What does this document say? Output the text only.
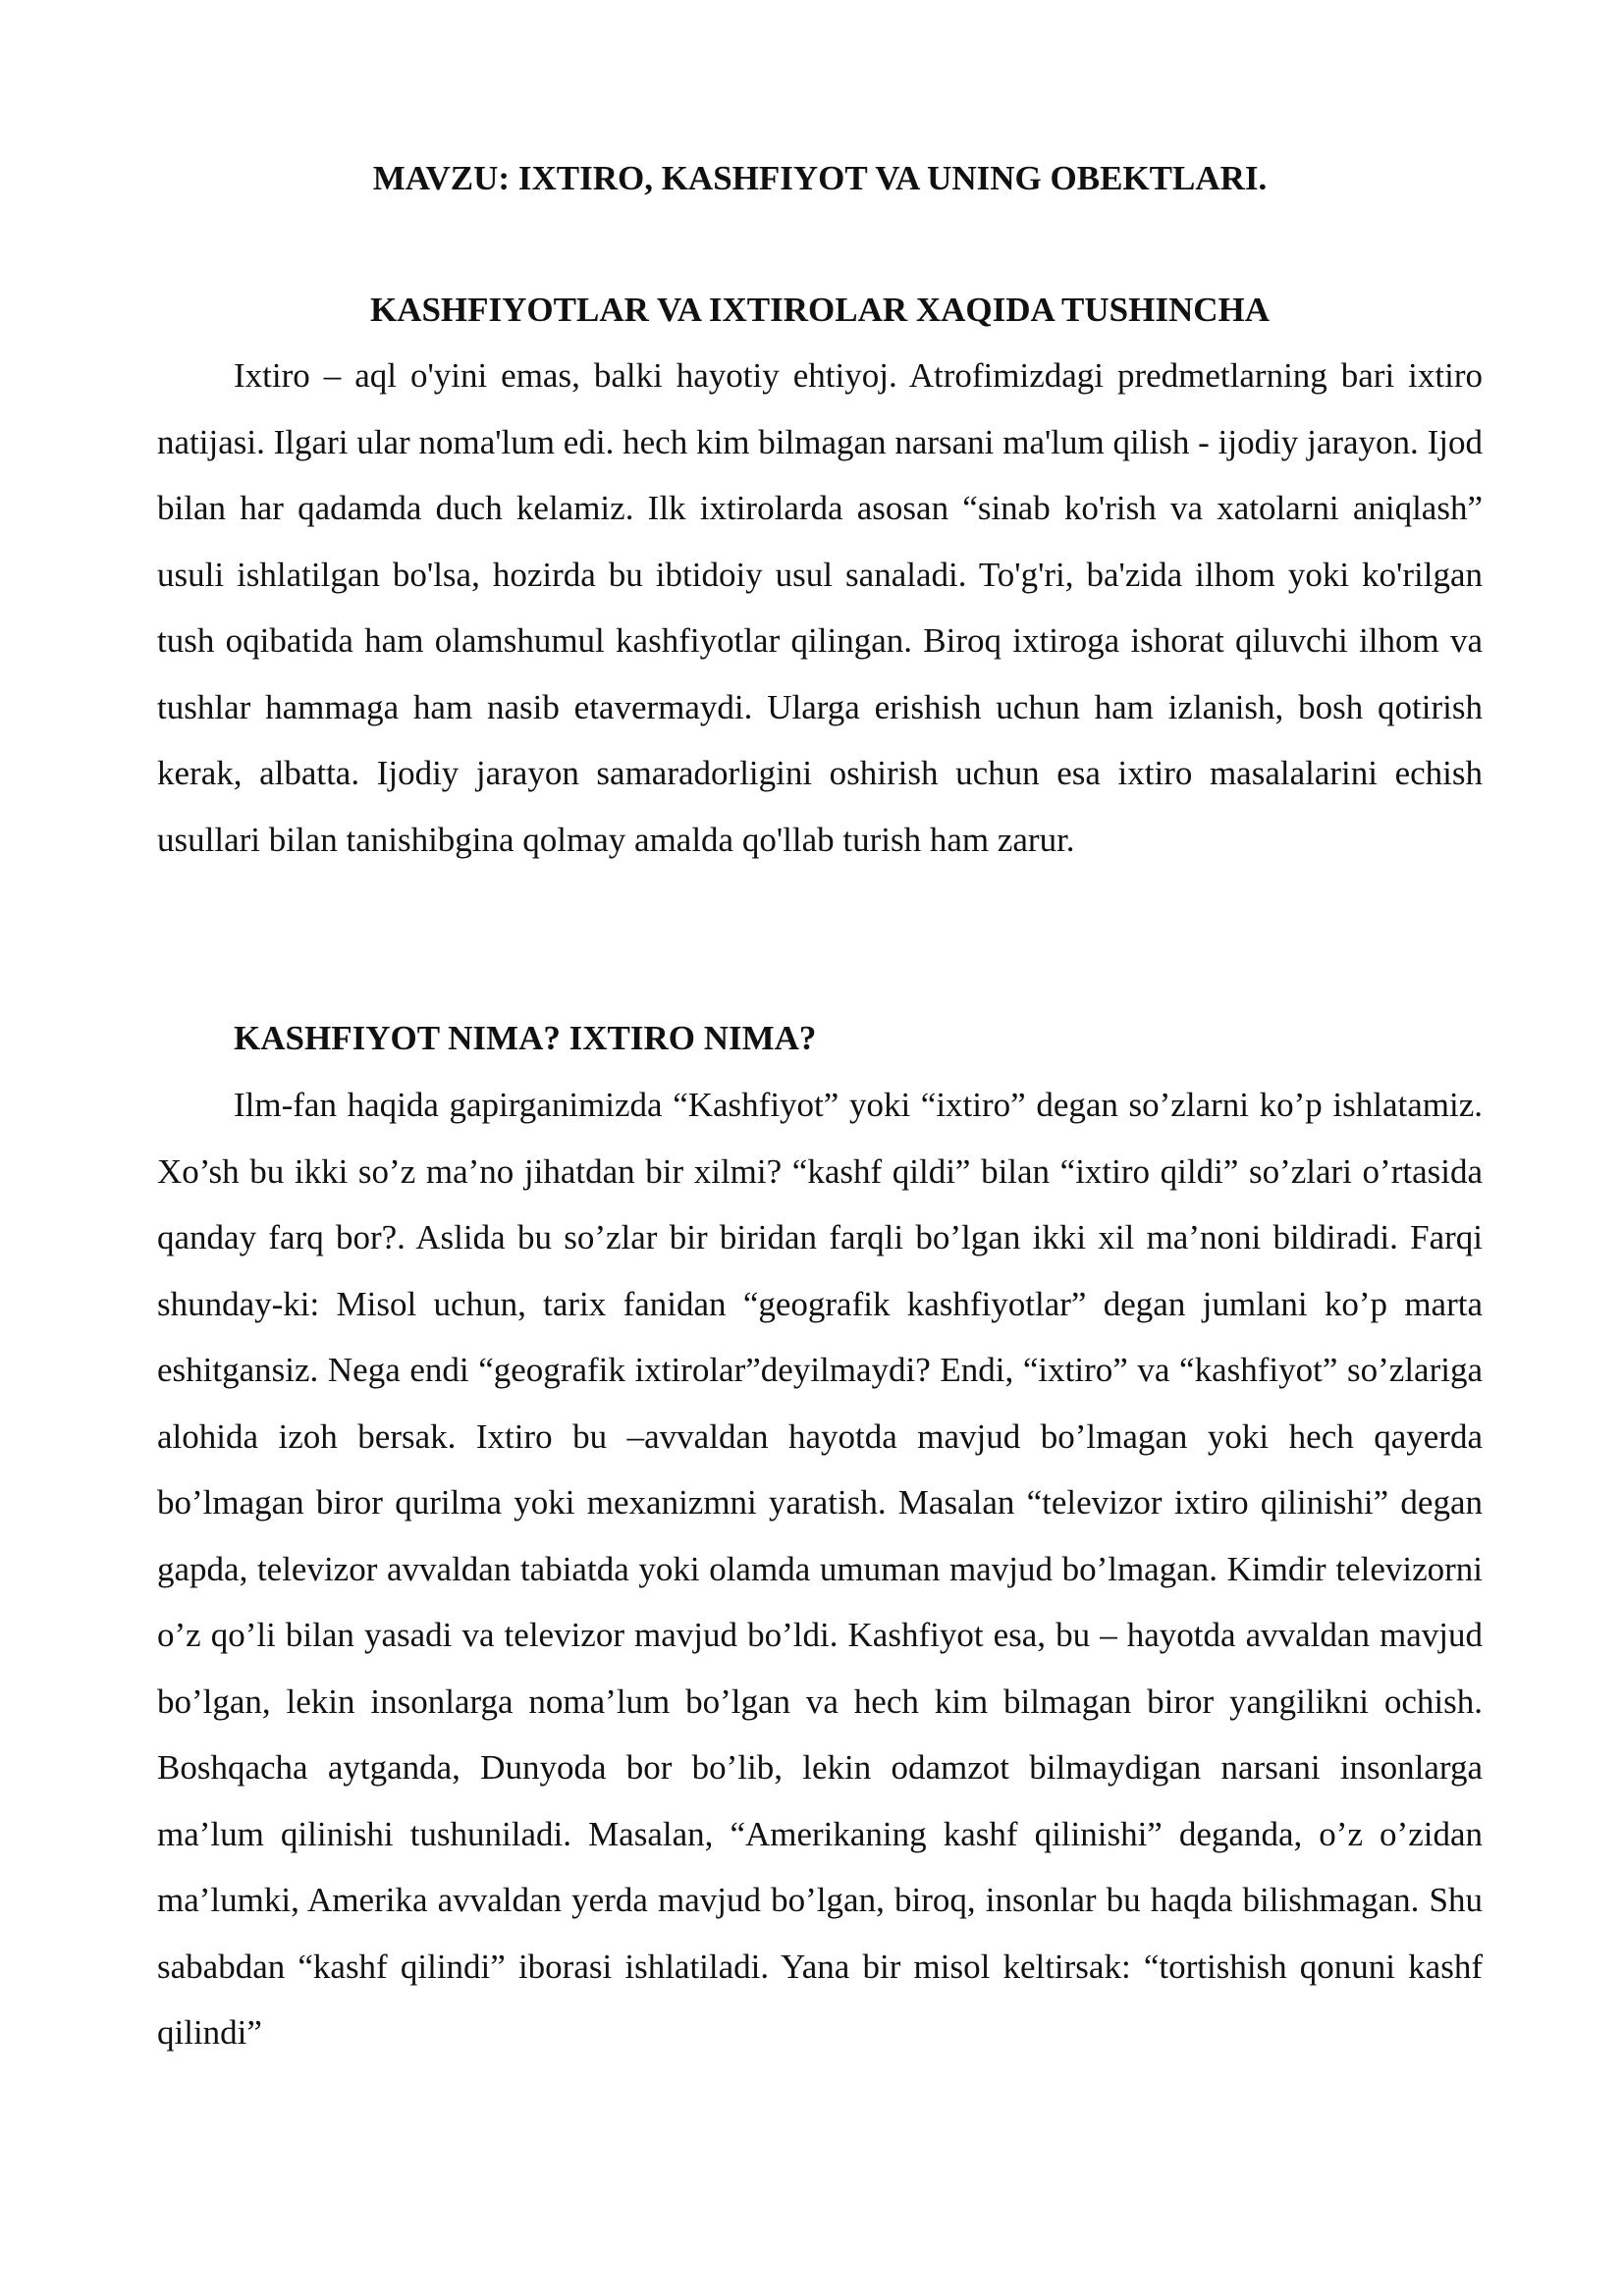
MAVZU: IXTIRO, KASHFIYOT VA UNING OBEKTLARI.
KASHFIYOTLAR VA IXTIROLAR XAQIDA TUSHINCHA

Ixtiro – aql o'yini emas, balki hayotiy ehtiyoj. Atrofimizdagi predmetlarning bari ixtiro natijasi. Ilgari ular noma'lum edi. hech kim bilmagan narsani ma'lum qilish - ijodiy jarayon. Ijod bilan har qadamda duch kelamiz. Ilk ixtirolarda asosan “sinab ko'rish va xatolarni aniqlash” usuli ishlatilgan bo'lsa, hozirda bu ibtidoiy usul sanaladi. To'g'ri, ba'zida ilhom yoki ko'rilgan tush oqibatida ham olamshumul kashfiyotlar qilingan. Biroq ixtiroga ishorat qiluvchi ilhom va tushlar hammaga ham nasib etavermaydi. Ularga erishish uchun ham izlanish, bosh qotirish kerak, albatta. Ijodiy jarayon samaradorligini oshirish uchun esa ixtiro masalalarini echish usullari bilan tanishibgina qolmay amalda qo'llab turish ham zarur.

KASHFIYOT NIMA? IXTIRO NIMA?

Ilm-fan haqida gapirganimizda “Kashfiyot” yoki “ixtiro” degan so’zlarni ko’p ishlatamiz. Xo’sh bu ikki so’z ma’no jihatdan bir xilmi? “kashf qildi” bilan “ixtiro qildi” so’zlari o’rtasida qanday farq bor?. Aslida bu so’zlar bir biridan farqli bo’lgan ikki xil ma’noni bildiradi. Farqi shunday-ki: Misol uchun, tarix fanidan “geografik kashfiyotlar” degan jumlani ko’p marta eshitgansiz. Nega endi “geografik ixtirolar”deyilmaydi? Endi, “ixtiro” va “kashfiyot” so’zlariga alohida izoh bersak. Ixtiro bu –avvaldan hayotda mavjud bo’lmagan yoki hech qayerda bo’lmagan biror qurilma yoki mexanizmni yaratish. Masalan “televizor ixtiro qilinishi” degan gapda, televizor avvaldan tabiatda yoki olamda umuman mavjud bo’lmagan. Kimdir televizorni o’z qo’li bilan yasadi va televizor mavjud bo’ldi. Kashfiyot esa, bu – hayotda avvaldan mavjud bo’lgan, lekin insonlarga noma’lum bo’lgan va hech kim bilmagan biror yangilikni ochish. Boshqacha aytganda, Dunyoda bor bo’lib, lekin odamzot bilmaydigan narsani insonlarga ma’lum qilinishi tushuniladi. Masalan, “Amerikaning kashf qilinishi” deganda, o’z o’zidan ma’lumki, Amerika avvaldan yerda mavjud bo’lgan, biroq, insonlar bu haqda bilishmagan. Shu sababdan “kashf qilindi” iborasi ishlatiladi. Yana bir misol keltirsak: “tortishish qonuni kashf qilindi”
